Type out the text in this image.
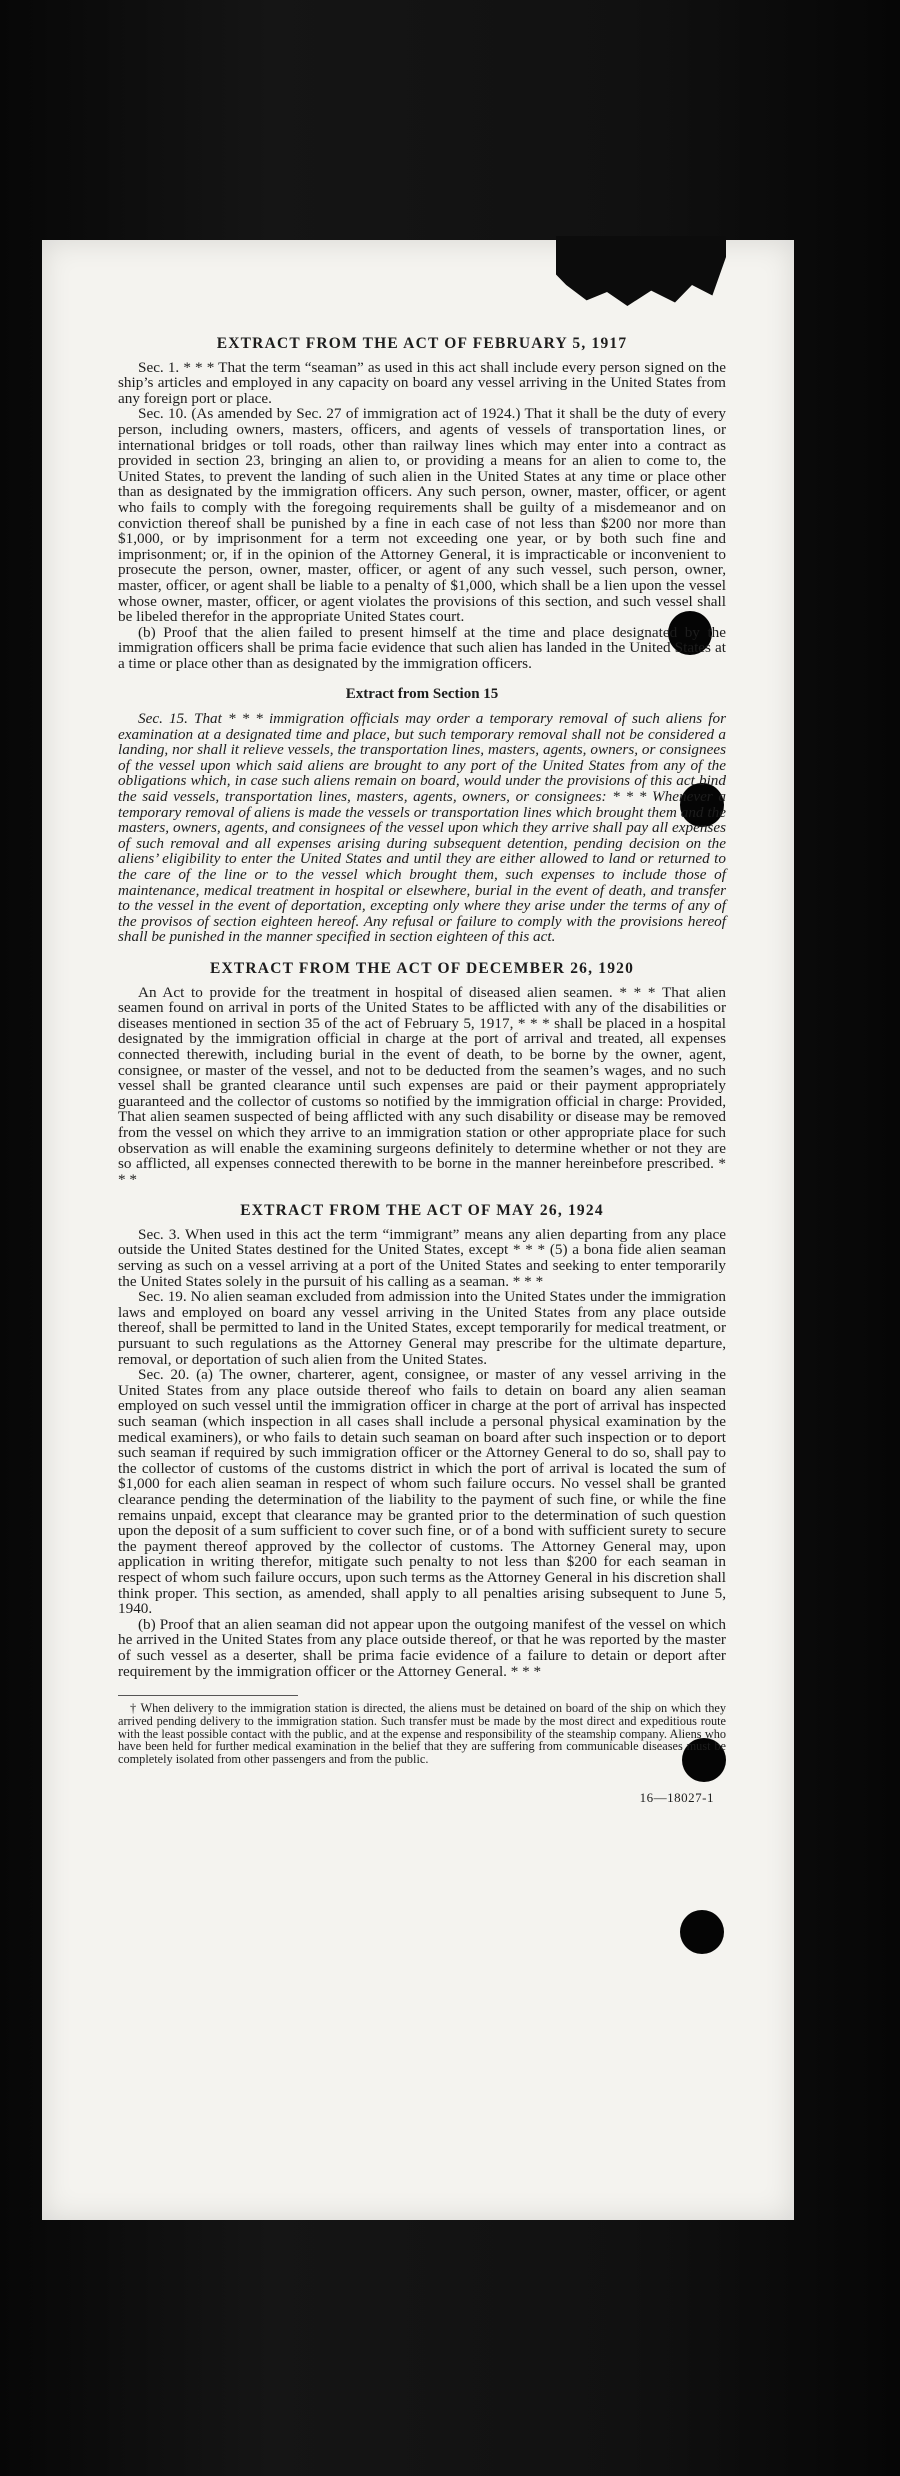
EXTRACT FROM THE ACT OF FEBRUARY 5, 1917

Sec. 1. * * * That the term “seaman” as used in this act shall include every person signed on the ship’s articles and employed in any capacity on board any vessel arriving in the United States from any foreign port or place.

Sec. 10. (As amended by Sec. 27 of immigration act of 1924.) That it shall be the duty of every person, including owners, masters, officers, and agents of vessels of transportation lines, or international bridges or toll roads, other than railway lines which may enter into a contract as provided in section 23, bringing an alien to, or providing a means for an alien to come to, the United States, to prevent the landing of such alien in the United States at any time or place other than as designated by the immigration officers. Any such person, owner, master, officer, or agent who fails to comply with the foregoing requirements shall be guilty of a misdemeanor and on conviction thereof shall be punished by a fine in each case of not less than $200 nor more than $1,000, or by imprisonment for a term not exceeding one year, or by both such fine and imprisonment; or, if in the opinion of the Attorney General, it is impracticable or inconvenient to prosecute the person, owner, master, officer, or agent of any such vessel, such person, owner, master, officer, or agent shall be liable to a penalty of $1,000, which shall be a lien upon the vessel whose owner, master, officer, or agent violates the provisions of this section, and such vessel shall be libeled therefor in the appropriate United States court.

(b) Proof that the alien failed to present himself at the time and place designated by the immigration officers shall be prima facie evidence that such alien has landed in the United States at a time or place other than as designated by the immigration officers.

Extract from Section 15

Sec. 15. That * * * immigration officials may order a temporary removal of such aliens for examination at a designated time and place, but such temporary removal shall not be considered a landing, nor shall it relieve vessels, the transportation lines, masters, agents, owners, or consignees of the vessel upon which said aliens are brought to any port of the United States from any of the obligations which, in case such aliens remain on board, would under the provisions of this act bind the said vessels, transportation lines, masters, agents, owners, or consignees: * * * Whenever a temporary removal of aliens is made the vessels or transportation lines which brought them and the masters, owners, agents, and consignees of the vessel upon which they arrive shall pay all expenses of such removal and all expenses arising during subsequent detention, pending decision on the aliens’ eligibility to enter the United States and until they are either allowed to land or returned to the care of the line or to the vessel which brought them, such expenses to include those of maintenance, medical treatment in hospital or elsewhere, burial in the event of death, and transfer to the vessel in the event of deportation, excepting only where they arise under the terms of any of the provisos of section eighteen hereof. Any refusal or failure to comply with the provisions hereof shall be punished in the manner specified in section eighteen of this act.

EXTRACT FROM THE ACT OF DECEMBER 26, 1920

An Act to provide for the treatment in hospital of diseased alien seamen. * * * That alien seamen found on arrival in ports of the United States to be afflicted with any of the disabilities or diseases mentioned in section 35 of the act of February 5, 1917, * * * shall be placed in a hospital designated by the immigration official in charge at the port of arrival and treated, all expenses connected therewith, including burial in the event of death, to be borne by the owner, agent, consignee, or master of the vessel, and not to be deducted from the seamen’s wages, and no such vessel shall be granted clearance until such expenses are paid or their payment appropriately guaranteed and the collector of customs so notified by the immigration official in charge: Provided, That alien seamen suspected of being afflicted with any such disability or disease may be removed from the vessel on which they arrive to an immigration station or other appropriate place for such observation as will enable the examining surgeons definitely to determine whether or not they are so afflicted, all expenses connected therewith to be borne in the manner hereinbefore prescribed. * * *

EXTRACT FROM THE ACT OF MAY 26, 1924

Sec. 3. When used in this act the term “immigrant” means any alien departing from any place outside the United States destined for the United States, except * * * (5) a bona fide alien seaman serving as such on a vessel arriving at a port of the United States and seeking to enter temporarily the United States solely in the pursuit of his calling as a seaman. * * *

Sec. 19. No alien seaman excluded from admission into the United States under the immigration laws and employed on board any vessel arriving in the United States from any place outside thereof, shall be permitted to land in the United States, except temporarily for medical treatment, or pursuant to such regulations as the Attorney General may prescribe for the ultimate departure, removal, or deportation of such alien from the United States.

Sec. 20. (a) The owner, charterer, agent, consignee, or master of any vessel arriving in the United States from any place outside thereof who fails to detain on board any alien seaman employed on such vessel until the immigration officer in charge at the port of arrival has inspected such seaman (which inspection in all cases shall include a personal physical examination by the medical examiners), or who fails to detain such seaman on board after such inspection or to deport such seaman if required by such immigration officer or the Attorney General to do so, shall pay to the collector of customs of the customs district in which the port of arrival is located the sum of $1,000 for each alien seaman in respect of whom such failure occurs. No vessel shall be granted clearance pending the determination of the liability to the payment of such fine, or while the fine remains unpaid, except that clearance may be granted prior to the determination of such question upon the deposit of a sum sufficient to cover such fine, or of a bond with sufficient surety to secure the payment thereof approved by the collector of customs. The Attorney General may, upon application in writing therefor, mitigate such penalty to not less than $200 for each seaman in respect of whom such failure occurs, upon such terms as the Attorney General in his discretion shall think proper. This section, as amended, shall apply to all penalties arising subsequent to June 5, 1940.

(b) Proof that an alien seaman did not appear upon the outgoing manifest of the vessel on which he arrived in the United States from any place outside thereof, or that he was reported by the master of such vessel as a deserter, shall be prima facie evidence of a failure to detain or deport after requirement by the immigration officer or the Attorney General. * * *

† When delivery to the immigration station is directed, the aliens must be detained on board of the ship on which they arrived pending delivery to the immigration station. Such transfer must be made by the most direct and expeditious route with the least possible contact with the public, and at the expense and responsibility of the steamship company. Aliens who have been held for further medical examination in the belief that they are suffering from communicable diseases must be completely isolated from other passengers and from the public.

16—18027-1
